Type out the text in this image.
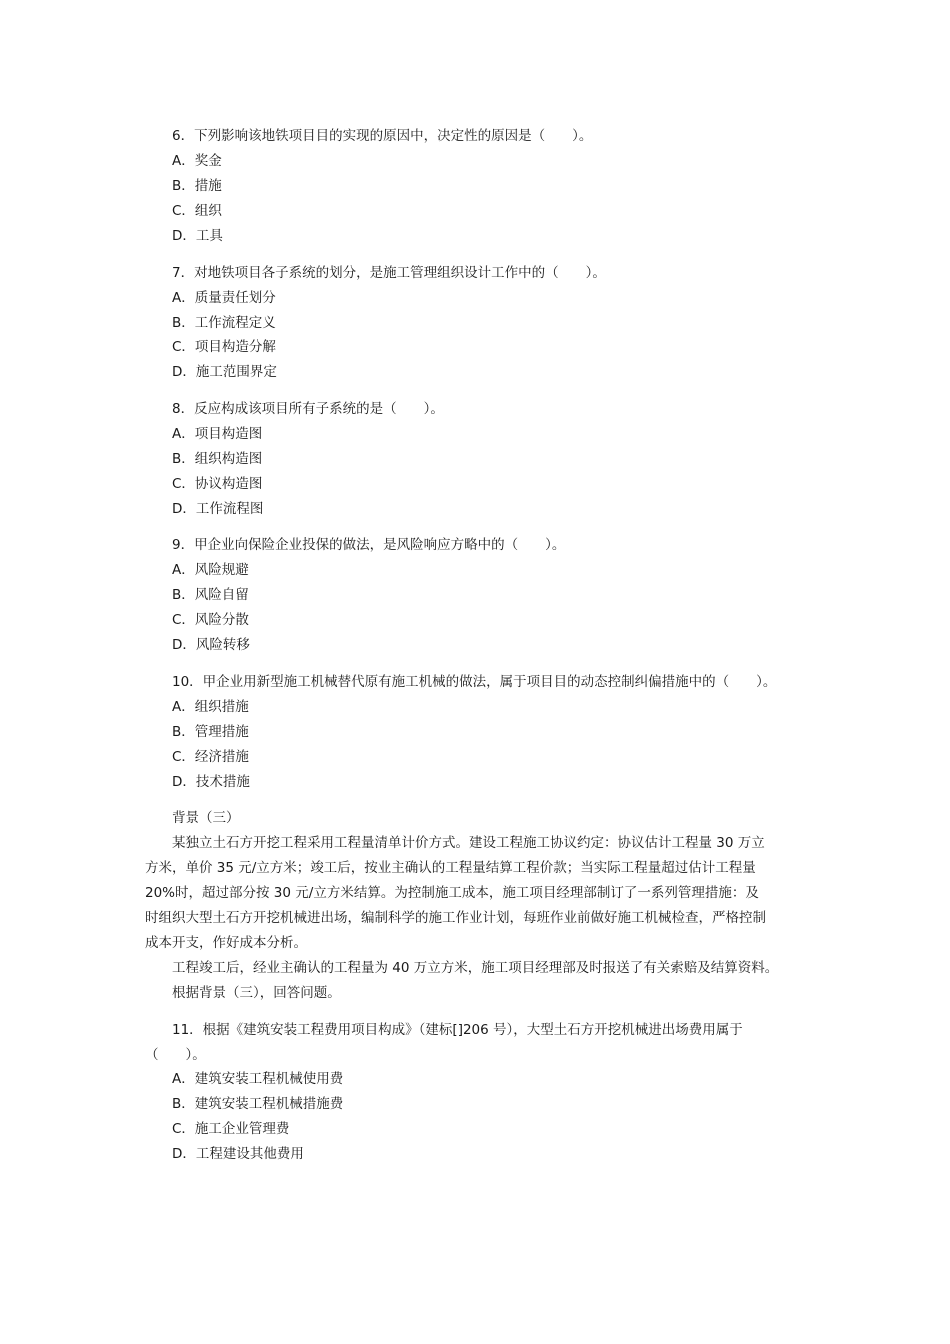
6．下列影响该地铁项目目的实现的原因中，决定性的原因是（　　）。
A．奖金
B．措施
C．组织
D．工具
7．对地铁项目各子系统的划分，是施工管理组织设计工作中的（　　）。
A．质量责任划分
B．工作流程定义
C．项目构造分解
D．施工范围界定
8．反应构成该项目所有子系统的是（　　）。
A．项目构造图
B．组织构造图
C．协议构造图
D．工作流程图
9．甲企业向保险企业投保的做法，是风险响应方略中的（　　）。
A．风险规避
B．风险自留
C．风险分散
D．风险转移
10．甲企业用新型施工机械替代原有施工机械的做法，属于项目目的动态控制纠偏措施中的（　　）。
A．组织措施
B．管理措施
C．经济措施
D．技术措施
背景（三）
某独立土石方开挖工程采用工程量清单计价方式。建设工程施工协议约定：协议估计工程量 30 万立
方米，单价 35 元/立方米；竣工后，按业主确认的工程量结算工程价款；当实际工程量超过估计工程量
20%时，超过部分按 30 元/立方米结算。为控制施工成本，施工项目经理部制订了一系列管理措施：及
时组织大型土石方开挖机械进出场，编制科学的施工作业计划，每班作业前做好施工机械检查，严格控制
成本开支，作好成本分析。
工程竣工后，经业主确认的工程量为 40 万立方米，施工项目经理部及时报送了有关索赔及结算资料。
根据背景（三），回答问题。
11．根据《建筑安装工程费用项目构成》（建标[]206 号），大型土石方开挖机械进出场费用属于
（　　）。
A．建筑安装工程机械使用费
B．建筑安装工程机械措施费
C．施工企业管理费
D．工程建设其他费用
